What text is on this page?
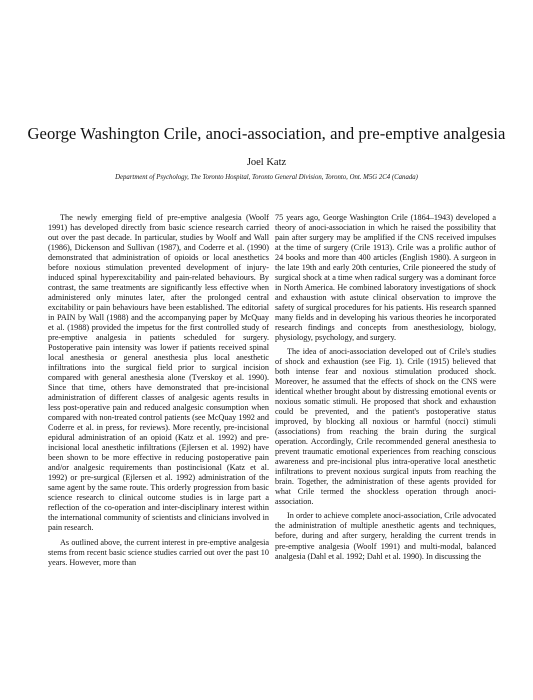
George Washington Crile, anoci-association, and pre-emptive analgesia
Joel Katz
Department of Psychology, The Toronto Hospital, Toronto General Division, Toronto, Ont. M5G 2C4 (Canada)

The newly emerging field of pre-emptive analgesia (Woolf 1991) has developed directly from basic science research carried out over the past decade. In particular, studies by Woolf and Wall (1986), Dickenson and Sullivan (1987), and Coderre et al. (1990) demonstrated that administration of opioids or local anesthetics before noxious stimulation prevented development of injury-induced spinal hyperexcitability and pain-related behaviours. By contrast, the same treatments are significantly less effective when administered only minutes later, after the prolonged central excitability or pain behaviours have been established. The editorial in PAIN by Wall (1988) and the accompanying paper by McQuay et al. (1988) provided the impetus for the first controlled study of pre-emptive analgesia in patients scheduled for surgery. Postoperative pain intensity was lower if patients received spinal local anesthesia or general anesthesia plus local anesthetic infiltrations into the surgical field prior to surgical incision compared with general anesthesia alone (Tverskoy et al. 1990). Since that time, others have demonstrated that pre-incisional administration of different classes of analgesic agents results in less post-operative pain and reduced analgesic consumption when compared with non-treated control patients (see McQuay 1992 and Coderre et al. in press, for reviews). More recently, pre-incisional epidural administration of an opioid (Katz et al. 1992) and pre-incisional local anesthetic infiltrations (Ejlersen et al. 1992) have been shown to be more effective in reducing postoperative pain and/or analgesic requirements than postincisional (Katz et al. 1992) or pre-surgical (Ejlersen et al. 1992) administration of the same agent by the same route. This orderly progression from basic science research to clinical outcome studies is in large part a reflection of the co-operation and inter-disciplinary interest within the international community of scientists and clinicians involved in pain research.

As outlined above, the current interest in pre-emptive analgesia stems from recent basic science studies carried out over the past 10 years. However, more than

75 years ago, George Washington Crile (1864–1943) developed a theory of anoci-association in which he raised the possibility that pain after surgery may be amplified if the CNS received impulses at the time of surgery (Crile 1913). Crile was a prolific author of 24 books and more than 400 articles (English 1980). A surgeon in the late 19th and early 20th centuries, Crile pioneered the study of surgical shock at a time when radical surgery was a dominant force in North America. He combined laboratory investigations of shock and exhaustion with astute clinical observation to improve the safety of surgical procedures for his patients. His research spanned many fields and in developing his various theories he incorporated research findings and concepts from anesthesiology, biology, physiology, psychology, and surgery.

The idea of anoci-association developed out of Crile's studies of shock and exhaustion (see Fig. 1). Crile (1915) believed that both intense fear and noxious stimulation produced shock. Moreover, he assumed that the effects of shock on the CNS were identical whether brought about by distressing emotional events or noxious somatic stimuli. He proposed that shock and exhaustion could be prevented, and the patient's postoperative status improved, by blocking all noxious or harmful (nocci) stimuli (associations) from reaching the brain during the surgical operation. Accordingly, Crile recommended general anesthesia to prevent traumatic emotional experiences from reaching conscious awareness and pre-incisional plus intra-operative local anesthetic infiltrations to prevent noxious surgical inputs from reaching the brain. Together, the administration of these agents provided for what Crile termed the shockless operation through anoci-association.

In order to achieve complete anoci-association, Crile advocated the administration of multiple anesthetic agents and techniques, before, during and after surgery, heralding the current trends in pre-emptive analgesia (Woolf 1991) and multi-modal, balanced analgesia (Dahl et al. 1992; Dahl et al. 1990). In discussing the
